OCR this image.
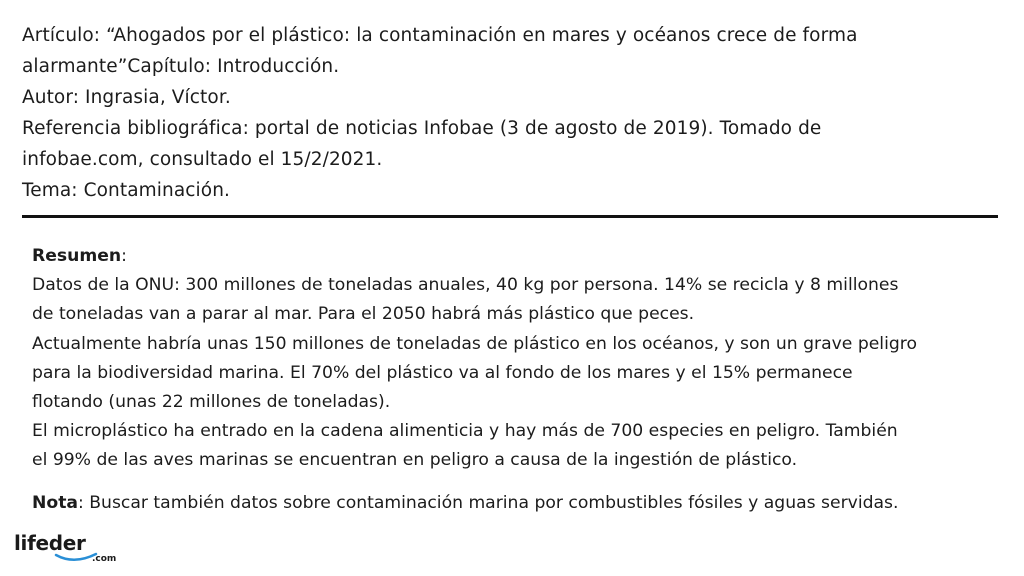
Artículo: “Ahogados por el plástico: la contaminación en mares y océanos crece de forma
alarmante”Capítulo: Introducción.
Autor: Ingrasia, Víctor.
Referencia bibliográfica: portal de noticias Infobae (3 de agosto de 2019). Tomado de
infobae.com, consultado el 15/2/2021.
Tema: Contaminación.
Resumen:
Datos de la ONU: 300 millones de toneladas anuales, 40 kg por persona. 14% se recicla y 8 millones
de toneladas van a parar al mar. Para el 2050 habrá más plástico que peces.
Actualmente habría unas 150 millones de toneladas de plástico en los océanos, y son un grave peligro
para la biodiversidad marina. El 70% del plástico va al fondo de los mares y el 15% permanece
flotando (unas 22 millones de toneladas).
El microplástico ha entrado en la cadena alimenticia y hay más de 700 especies en peligro. También
el 99% de las aves marinas se encuentran en peligro a causa de la ingestión de plástico.
Nota: Buscar también datos sobre contaminación marina por combustibles fósiles y aguas servidas.
lifeder
.com
